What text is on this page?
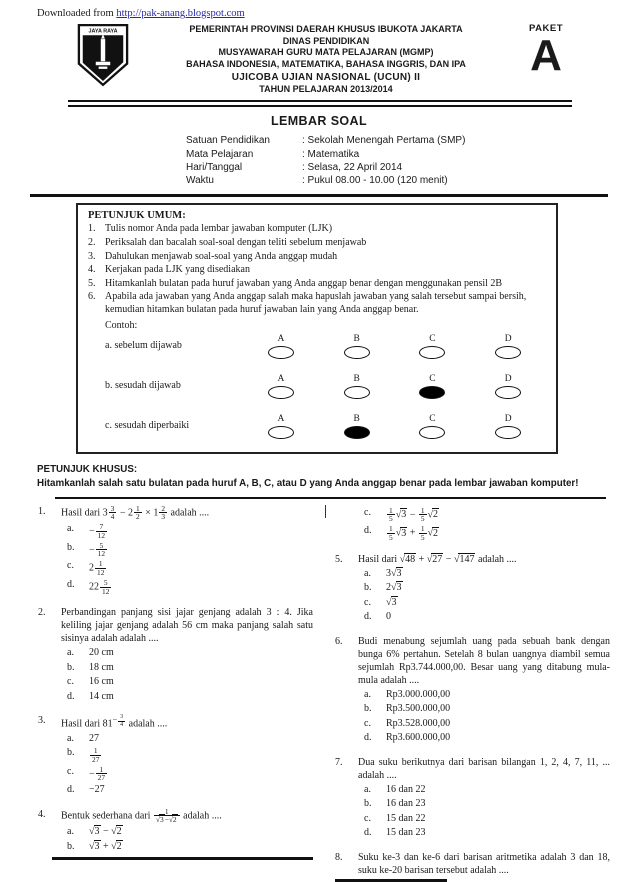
Downloaded from http://pak-anang.blogspot.com
JAYA RAYA	PEMERINTAH PROVINSI DAERAH KHUSUS IBUKOTA JAKARTA
DINAS PENDIDIKAN
MUSYAWARAH GURU MATA PELAJARAN (MGMP)
BAHASA INDONESIA, MATEMATIKA, BAHASA INGGRIS, DAN IPA
UJICOBA UJIAN NASIONAL (UCUN) II
TAHUN PELAJARAN 2013/2014
PAKET
A
LEMBAR SOAL
Satuan Pendidikan	: Sekolah Menengah Pertama (SMP)
Mata Pelajaran	: Matematika
Hari/Tanggal	: Selasa, 22 April 2014
Waktu	: Pukul 08.00 - 10.00 (120 menit)
PETUNJUK UMUM:
1. Tulis nomor Anda pada lembar jawaban komputer (LJK)
2. Periksalah dan bacalah soal-soal dengan teliti sebelum menjawab
3. Dahulukan menjawab soal-soal yang Anda anggap mudah
4. Kerjakan pada LJK yang disediakan
5. Hitamkanlah bulatan pada huruf jawaban yang Anda anggap benar dengan menggunakan pensil 2B
6. Apabila ada jawaban yang Anda anggap salah maka hapuslah jawaban yang salah tersebut sampai bersih, kemudian hitamkan bulatan pada huruf jawaban lain yang Anda anggap benar.
Contoh:
a. sebelum dijawab
A	B	C	D
b. sesudah dijawab
A	B	C	D
c. sesudah diperbaiki
A	B	C	D
PETUNJUK KHUSUS:
Hitamkanlah salah satu bulatan pada huruf A, B, C, atau D yang Anda anggap benar pada lembar jawaban komputer!
1.	Hasil dari $3 \frac{3}{4} - 2 \frac{1}{2} \times 1 \frac{2}{3}$ adalah ....
a.	− $\frac{7}{12}$
b.	− $\frac{5}{12}$
c.	$2 \frac{1}{12}$
d.	$22 \frac{5}{12}$
2.	Perbandingan panjang sisi jajar genjang adalah 3 : 4. Jika keliling jajar genjang adalah 56 cm maka panjang salah satu sisinya adalah adalah ....
a.	20 cm
b.	18 cm
c.	16 cm
d.	14 cm
3.	Hasil dari $81^{- \frac{3}{4}}$ adalah ....
a.	27
b.	$\frac{1}{27}$
c.	− $\frac{1}{27}$
d.	−27
4.	Bentuk sederhana dari $\frac{1}{√3-√2}$ adalah ....
a.	√3 − √2
b.	√3 + √2
c.	$\frac{1}{5} √3 - \frac{1}{5} √2$
d.	$\frac{1}{5} √3 + \frac{1}{5} √2$
5.	Hasil dari √48 + √27 − √147 adalah ....
a.	3√3
b.	2√3
c.	√3
d.	0
6.	Budi menabung sejumlah uang pada sebuah bank dengan bunga 6% pertahun. Setelah 8 bulan uangnya diambil semua sejumlah Rp3.744.000,00. Besar uang yang ditabung mula-mula adalah ....
a.	Rp3.000.000,00
b.	Rp3.500.000,00
c.	Rp3.528.000,00
d.	Rp3.600.000,00
7.	Dua suku berikutnya dari barisan bilangan 1, 2, 4, 7, 11, ... adalah ....
a.	16 dan 22
b.	16 dan 23
c.	15 dan 22
d.	15 dan 23
8.	Suku ke-3 dan ke-6 dari barisan aritmetika adalah 3 dan 18, suku ke-20 barisan tersebut adalah ....
